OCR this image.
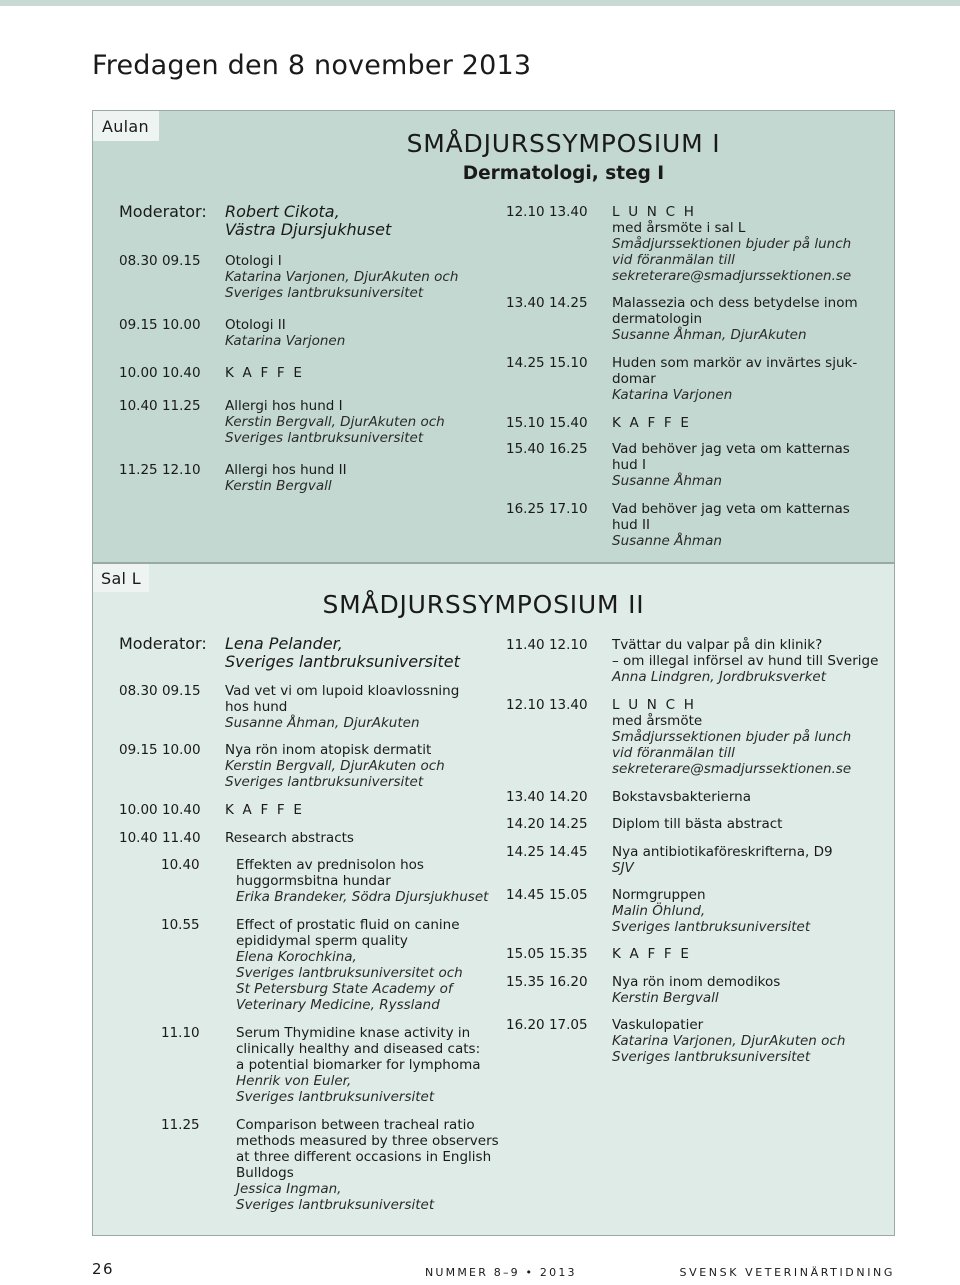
Fredagen den 8 november 2013
Aulan
SMÅDJURSSYMPOSIUM I
Dermatologi, steg I
Moderator:	Robert Cikota,
Västra Djursjukhuset
08.30 09.15	Otologi I
Katarina Varjonen, DjurAkuten och
Sveriges lantbruksuniversitet
09.15 10.00	Otologi II
Katarina Varjonen
10.00 10.40	K A F F E
10.40 11.25	Allergi hos hund I
Kerstin Bergvall, DjurAkuten och
Sveriges lantbruksuniversitet
11.25 12.10	Allergi hos hund II
Kerstin Bergvall
12.10 13.40	L U N C H
med årsmöte i sal L
Smådjurssektionen bjuder på lunch
vid föranmälan till
sekreterare@smadjurssektionen.se
13.40 14.25	Malassezia och dess betydelse inom
dermatologin
Susanne Åhman, DjurAkuten
14.25 15.10	Huden som markör av invärtes sjuk-
domar
Katarina Varjonen
15.10 15.40	K A F F E
15.40 16.25	Vad behöver jag veta om katternas
hud I
Susanne Åhman
16.25 17.10	Vad behöver jag veta om katternas
hud II
Susanne Åhman
Sal L
SMÅDJURSSYMPOSIUM II
Moderator:	Lena Pelander,
Sveriges lantbruksuniversitet
08.30 09.15	Vad vet vi om lupoid kloavlossning
hos hund
Susanne Åhman, DjurAkuten
09.15 10.00	Nya rön inom atopisk dermatit
Kerstin Bergvall, DjurAkuten och
Sveriges lantbruksuniversitet
10.00 10.40	K A F F E
10.40 11.40	Research abstracts
10.40	Effekten av prednisolon hos
huggormsbitna hundar
Erika Brandeker, Södra Djursjukhuset
10.55	Effect of prostatic fluid on canine
epididymal sperm quality
Elena Korochkina,
Sveriges lantbruksuniversitet och
St Petersburg State Academy of
Veterinary Medicine, Ryssland
11.10	Serum Thymidine knase activity in
clinically healthy and diseased cats:
a potential biomarker for lymphoma
Henrik von Euler,
Sveriges lantbruksuniversitet
11.25	Comparison between tracheal ratio
methods measured by three observers
at three different occasions in English
Bulldogs
Jessica Ingman,
Sveriges lantbruksuniversitet
11.40 12.10	Tvättar du valpar på din klinik?
– om illegal införsel av hund till Sverige
Anna Lindgren, Jordbruksverket
12.10 13.40	L U N C H
med årsmöte
Smådjurssektionen bjuder på lunch
vid föranmälan till
sekreterare@smadjurssektionen.se
13.40 14.20	Bokstavsbakterierna
14.20 14.25	Diplom till bästa abstract
14.25 14.45	Nya antibiotikaföreskrifterna, D9
SJV
14.45 15.05	Normgruppen
Malin Öhlund,
Sveriges lantbruksuniversitet
15.05 15.35	K A F F E
15.35 16.20	Nya rön inom demodikos
Kerstin Bergvall
16.20 17.05	Vaskulopatier
Katarina Varjonen, DjurAkuten och
Sveriges lantbruksuniversitet
26	NUMMER 8–9 • 2013	SVENSK VETERINÄRTIDNING
